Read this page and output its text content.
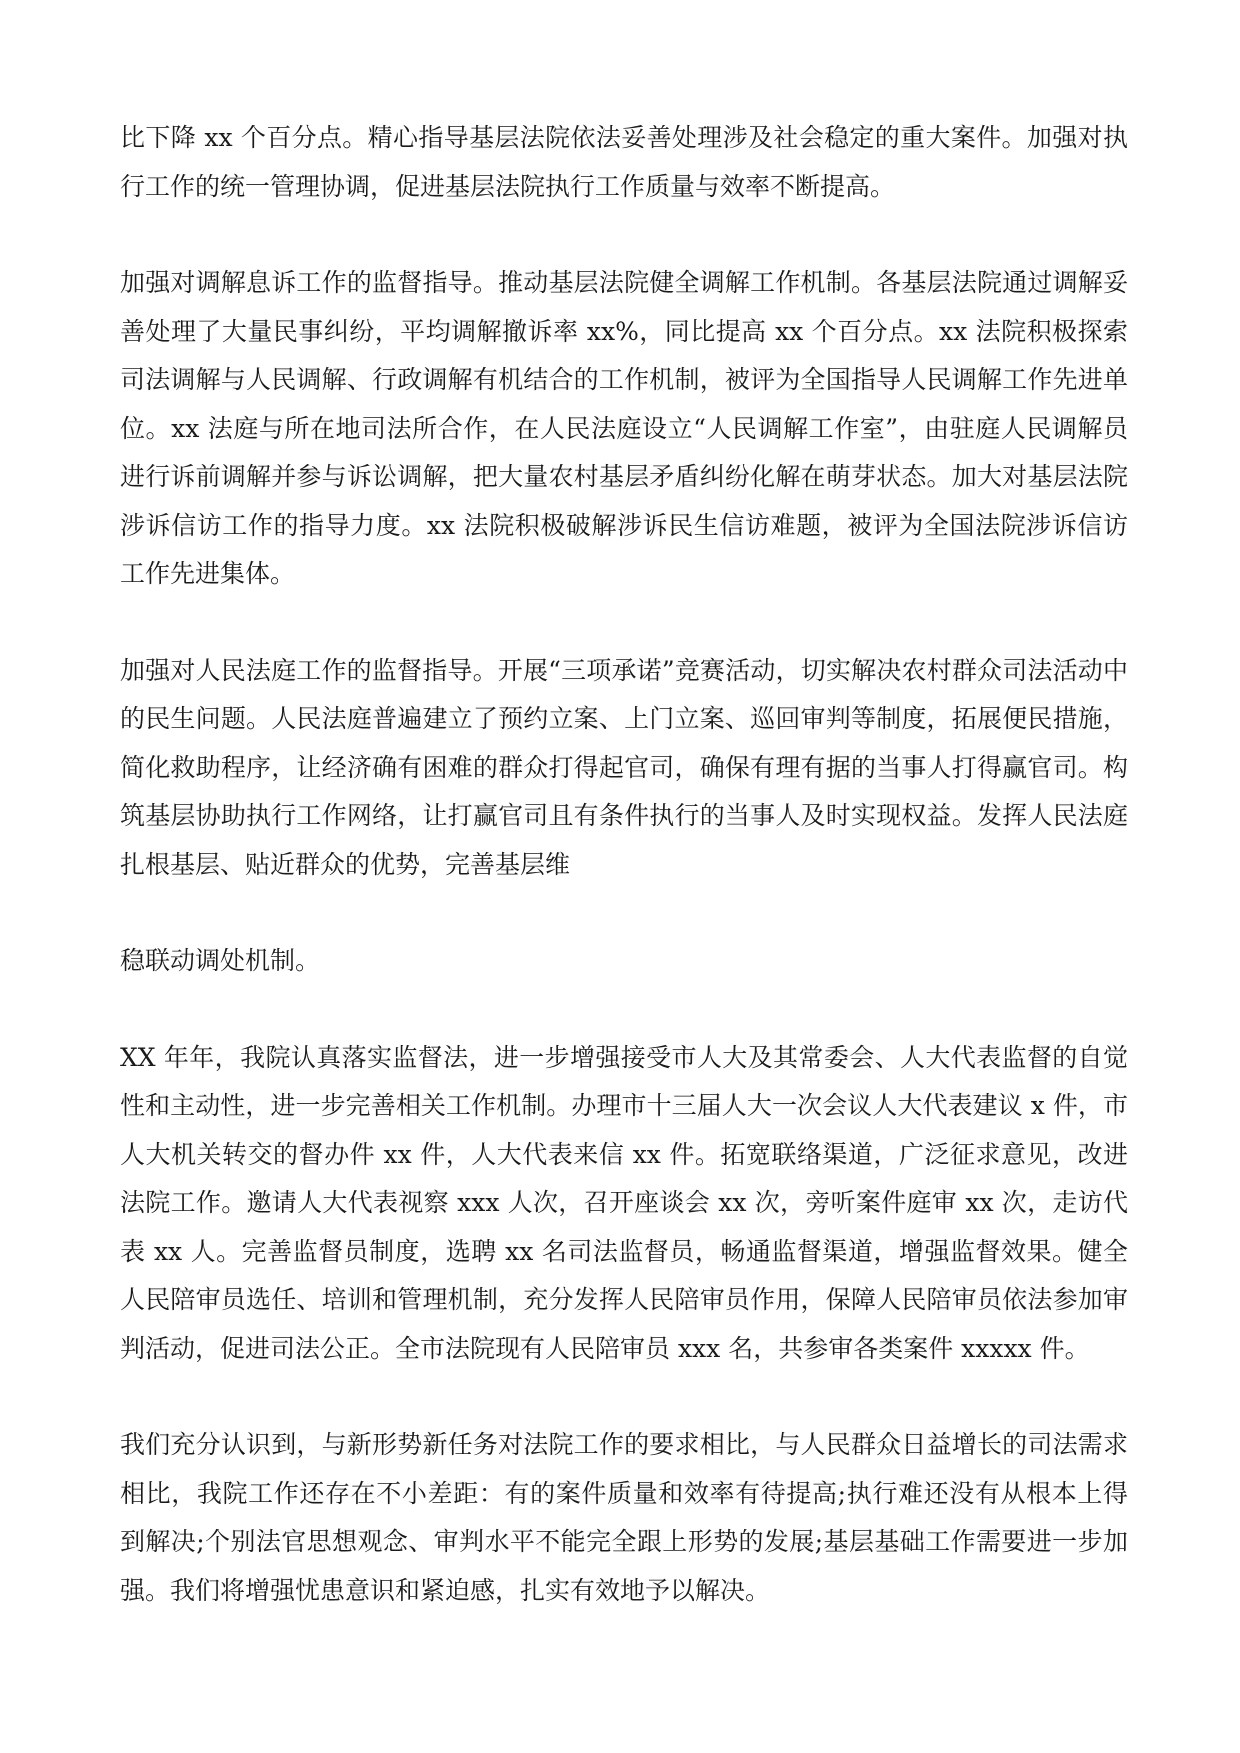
比下降 xx 个百分点。精心指导基层法院依法妥善处理涉及社会稳定的重大案件。加强对执行工作的统一管理协调，促进基层法院执行工作质量与效率不断提高。

加强对调解息诉工作的监督指导。推动基层法院健全调解工作机制。各基层法院通过调解妥善处理了大量民事纠纷，平均调解撤诉率 xx%，同比提高 xx 个百分点。xx 法院积极探索司法调解与人民调解、行政调解有机结合的工作机制，被评为全国指导人民调解工作先进单位。xx 法庭与所在地司法所合作，在人民法庭设立“人民调解工作室”，由驻庭人民调解员进行诉前调解并参与诉讼调解，把大量农村基层矛盾纠纷化解在萌芽状态。加大对基层法院涉诉信访工作的指导力度。xx 法院积极破解涉诉民生信访难题，被评为全国法院涉诉信访工作先进集体。

加强对人民法庭工作的监督指导。开展“三项承诺”竞赛活动，切实解决农村群众司法活动中的民生问题。人民法庭普遍建立了预约立案、上门立案、巡回审判等制度，拓展便民措施，简化救助程序，让经济确有困难的群众打得起官司，确保有理有据的当事人打得赢官司。构筑基层协助执行工作网络，让打赢官司且有条件执行的当事人及时实现权益。发挥人民法庭扎根基层、贴近群众的优势，完善基层维

稳联动调处机制。

XX 年年，我院认真落实监督法，进一步增强接受市人大及其常委会、人大代表监督的自觉性和主动性，进一步完善相关工作机制。办理市十三届人大一次会议人大代表建议 x 件，市人大机关转交的督办件 xx 件，人大代表来信 xx 件。拓宽联络渠道，广泛征求意见，改进法院工作。邀请人大代表视察 xxx 人次，召开座谈会 xx 次，旁听案件庭审 xx 次，走访代表 xx 人。完善监督员制度，选聘 xx 名司法监督员，畅通监督渠道，增强监督效果。健全人民陪审员选任、培训和管理机制，充分发挥人民陪审员作用，保障人民陪审员依法参加审判活动，促进司法公正。全市法院现有人民陪审员 xxx 名，共参审各类案件 xxxxx 件。

我们充分认识到，与新形势新任务对法院工作的要求相比，与人民群众日益增长的司法需求相比，我院工作还存在不小差距：有的案件质量和效率有待提高;执行难还没有从根本上得到解决;个别法官思想观念、审判水平不能完全跟上形势的发展;基层基础工作需要进一步加强。我们将增强忧患意识和紧迫感，扎实有效地予以解决。
